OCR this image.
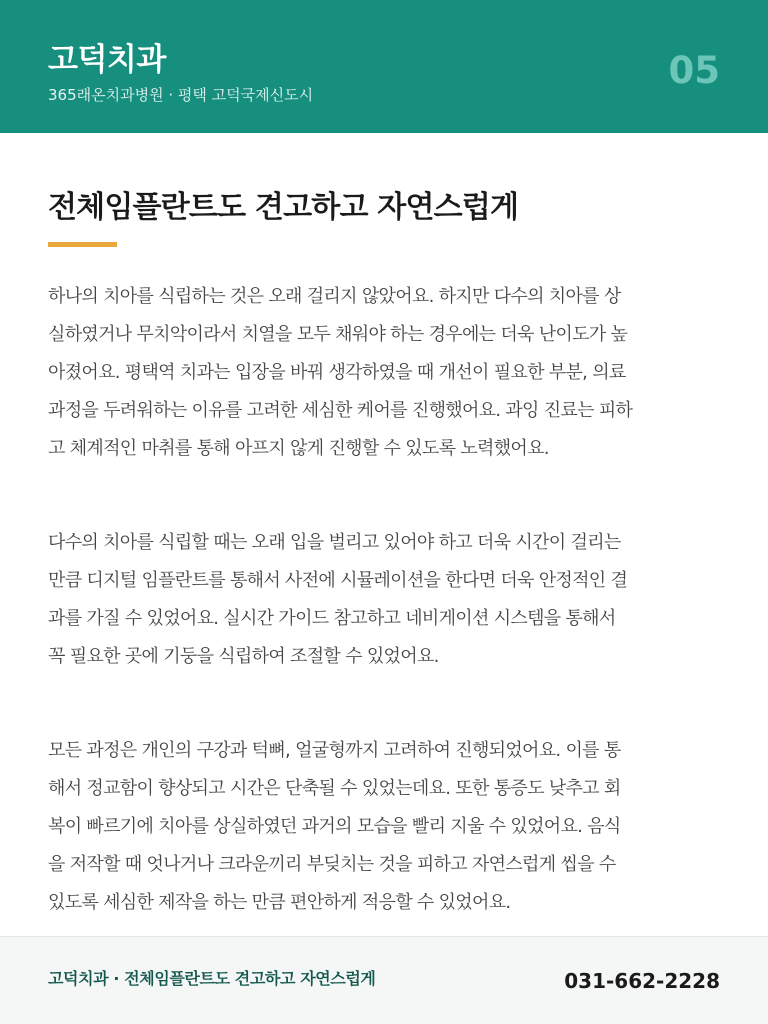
고덕치과
365래온치과병원 · 평택 고덕국제신도시
05
전체임플란트도 견고하고 자연스럽게

하나의 치아를 식립하는 것은 오래 걸리지 않았어요. 하지만 다수의 치아를 상
실하였거나 무치악이라서 치열을 모두 채워야 하는 경우에는 더욱 난이도가 높
아졌어요. 평택역 치과는 입장을 바꿔 생각하였을 때 개선이 필요한 부분, 의료
과정을 두려워하는 이유를 고려한 세심한 케어를 진행했어요. 과잉 진료는 피하
고 체계적인 마취를 통해 아프지 않게 진행할 수 있도록 노력했어요.

다수의 치아를 식립할 때는 오래 입을 벌리고 있어야 하고 더욱 시간이 걸리는
만큼 디지털 임플란트를 통해서 사전에 시뮬레이션을 한다면 더욱 안정적인 결
과를 가질 수 있었어요. 실시간 가이드 참고하고 네비게이션 시스템을 통해서
꼭 필요한 곳에 기둥을 식립하여 조절할 수 있었어요.

모든 과정은 개인의 구강과 턱뼈, 얼굴형까지 고려하여 진행되었어요. 이를 통
해서 정교함이 향상되고 시간은 단축될 수 있었는데요. 또한 통증도 낮추고 회
복이 빠르기에 치아를 상실하였던 과거의 모습을 빨리 지울 수 있었어요. 음식
을 저작할 때 엇나거나 크라운끼리 부딪치는 것을 피하고 자연스럽게 씹을 수
있도록 세심한 제작을 하는 만큼 편안하게 적응할 수 있었어요.

고덕치과 · 전체임플란트도 견고하고 자연스럽게	031-662-2228
